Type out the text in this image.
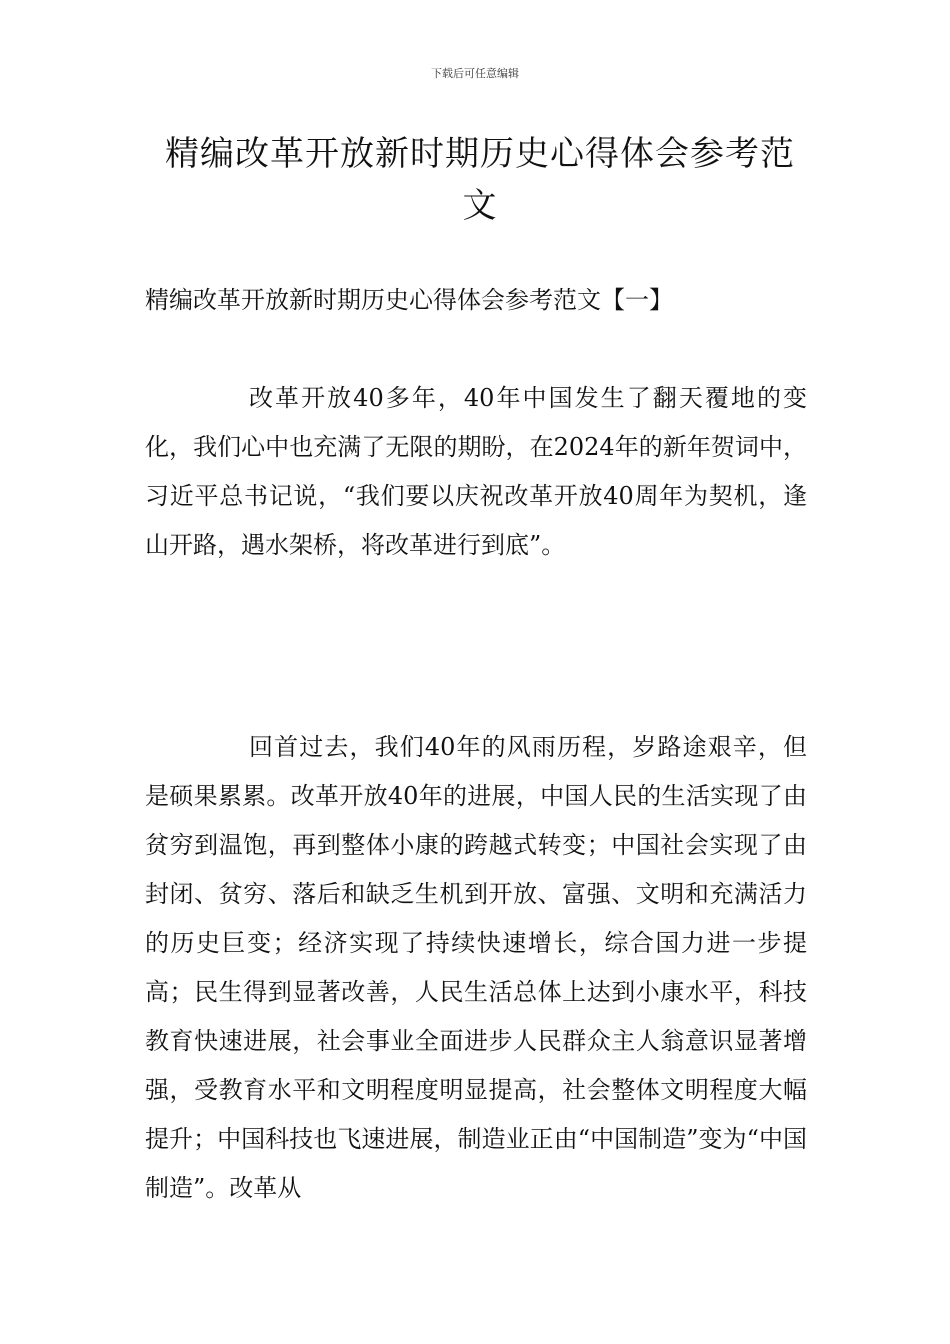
下载后可任意编辑
精编改革开放新时期历史心得体会参考范文
精编改革开放新时期历史心得体会参考范文【一】

改革开放40多年，40年中国发生了翻天覆地的变化，我们心中也充满了无限的期盼，在2024年的新年贺词中，习近平总书记说，“我们要以庆祝改革开放40周年为契机，逢山开路，遇水架桥，将改革进行到底”。

回首过去，我们40年的风雨历程，岁路途艰辛，但是硕果累累。改革开放40年的进展，中国人民的生活实现了由贫穷到温饱，再到整体小康的跨越式转变；中国社会实现了由封闭、贫穷、落后和缺乏生机到开放、富强、文明和充满活力的历史巨变；经济实现了持续快速增长，综合国力进一步提高；民生得到显著改善，人民生活总体上达到小康水平，科技教育快速进展，社会事业全面进步人民群众主人翁意识显著增强，受教育水平和文明程度明显提高，社会整体文明程度大幅提升；中国科技也飞速进展，制造业正由“中国制造”变为“中国制造”。改革从
